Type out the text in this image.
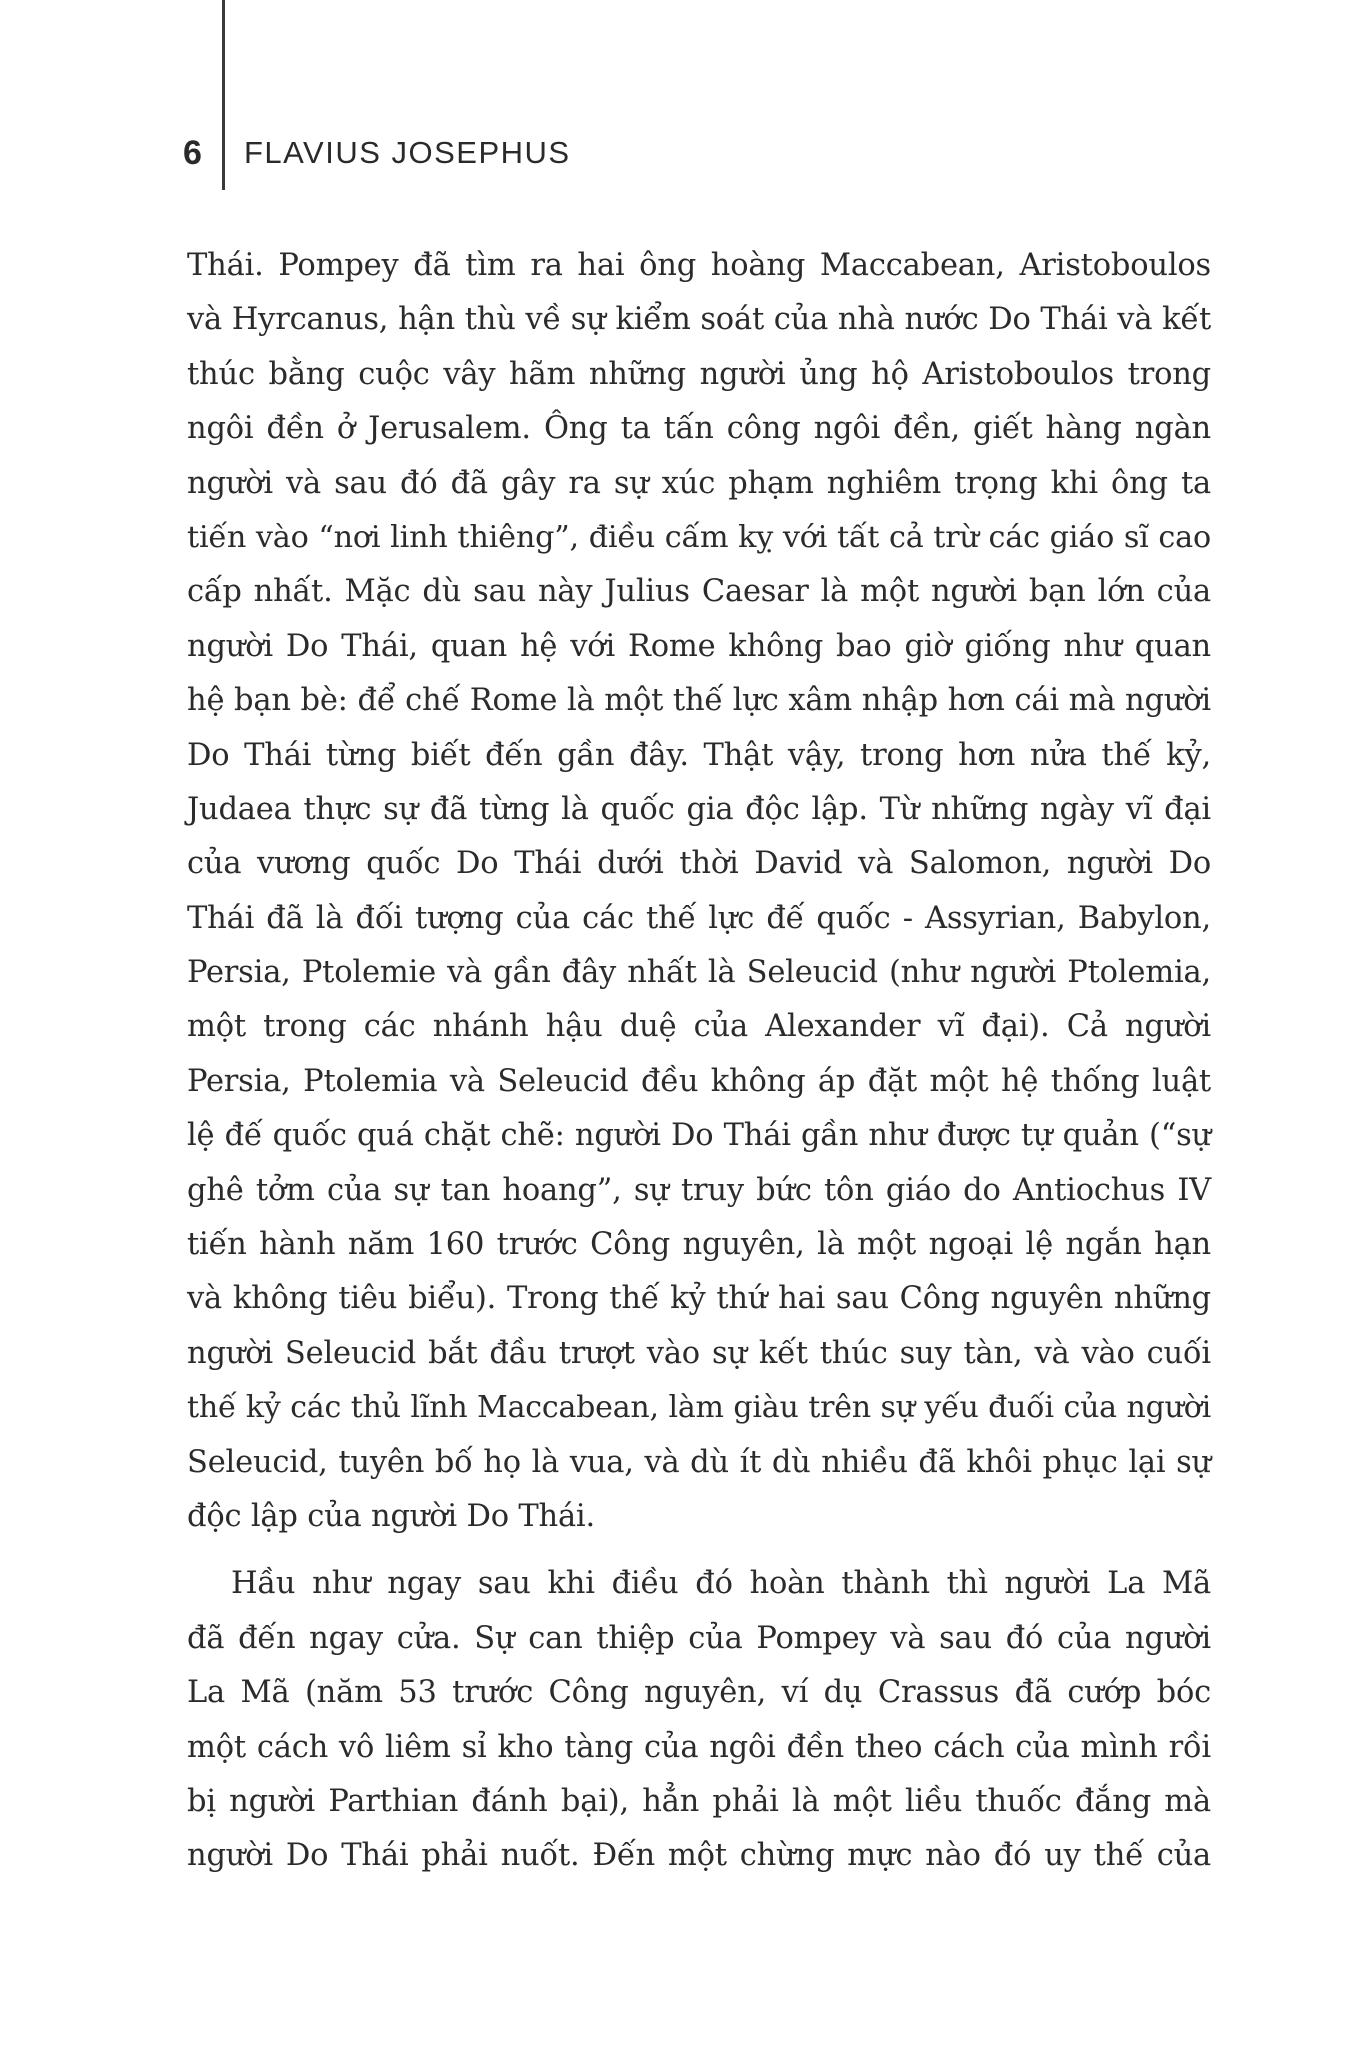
6 FLAVIUS JOSEPHUS
Thái. Pompey đã tìm ra hai ông hoàng Maccabean, Aristoboulos
và Hyrcanus, hận thù về sự kiểm soát của nhà nước Do Thái và kết
thúc bằng cuộc vây hãm những người ủng hộ Aristoboulos trong
ngôi đền ở Jerusalem. Ông ta tấn công ngôi đền, giết hàng ngàn
người và sau đó đã gây ra sự xúc phạm nghiêm trọng khi ông ta
tiến vào “nơi linh thiêng”, điều cấm kỵ với tất cả trừ các giáo sĩ cao
cấp nhất. Mặc dù sau này Julius Caesar là một người bạn lớn của
người Do Thái, quan hệ với Rome không bao giờ giống như quan
hệ bạn bè: để chế Rome là một thế lực xâm nhập hơn cái mà người
Do Thái từng biết đến gần đây. Thật vậy, trong hơn nửa thế kỷ,
Judaea thực sự đã từng là quốc gia độc lập. Từ những ngày vĩ đại
của vương quốc Do Thái dưới thời David và Salomon, người Do
Thái đã là đối tượng của các thế lực đế quốc - Assyrian, Babylon,
Persia, Ptolemie và gần đây nhất là Seleucid (như người Ptolemia,
một trong các nhánh hậu duệ của Alexander vĩ đại). Cả người
Persia, Ptolemia và Seleucid đều không áp đặt một hệ thống luật
lệ đế quốc quá chặt chẽ: người Do Thái gần như được tự quản (“sự
ghê tởm của sự tan hoang”, sự truy bức tôn giáo do Antiochus IV
tiến hành năm 160 trước Công nguyên, là một ngoại lệ ngắn hạn
và không tiêu biểu). Trong thế kỷ thứ hai sau Công nguyên những
người Seleucid bắt đầu trượt vào sự kết thúc suy tàn, và vào cuối
thế kỷ các thủ lĩnh Maccabean, làm giàu trên sự yếu đuối của người
Seleucid, tuyên bố họ là vua, và dù ít dù nhiều đã khôi phục lại sự
độc lập của người Do Thái.
Hầu như ngay sau khi điều đó hoàn thành thì người La Mã
đã đến ngay cửa. Sự can thiệp của Pompey và sau đó của người
La Mã (năm 53 trước Công nguyên, ví dụ Crassus đã cướp bóc
một cách vô liêm sỉ kho tàng của ngôi đền theo cách của mình rồi
bị người Parthian đánh bại), hẳn phải là một liều thuốc đắng mà
người Do Thái phải nuốt. Đến một chừng mực nào đó uy thế của
